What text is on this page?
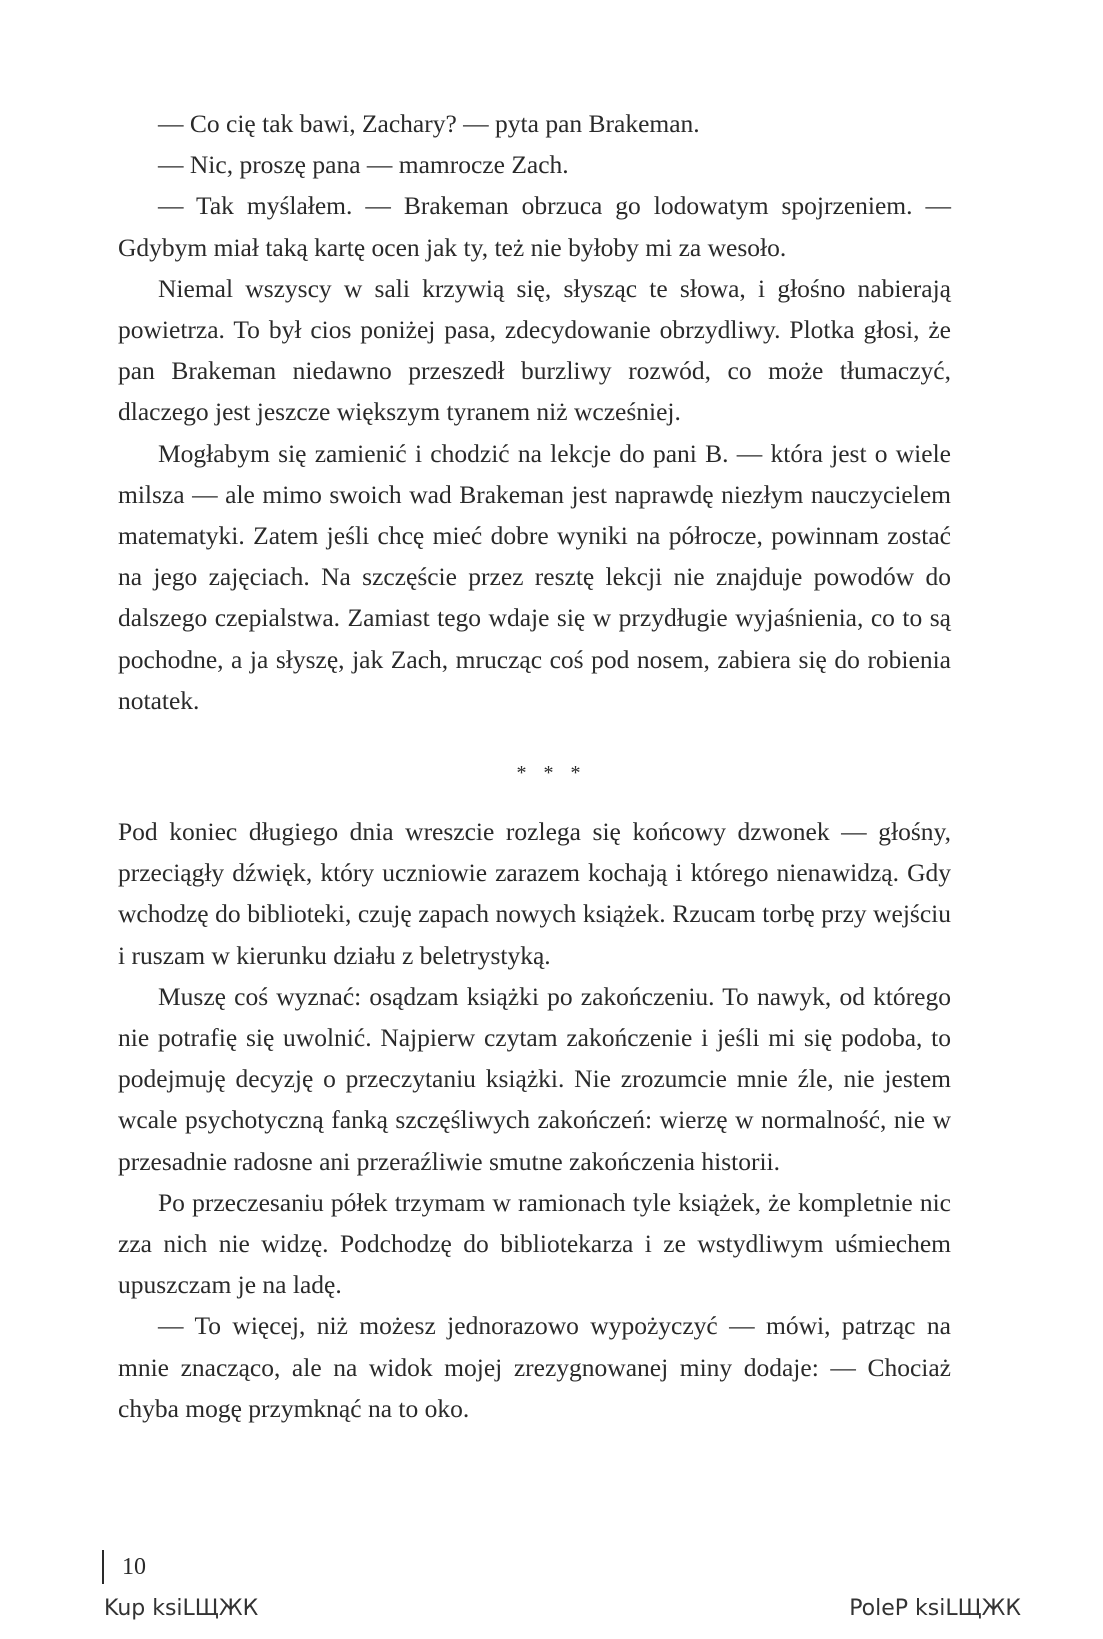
— Co cię tak bawi, Zachary? — pyta pan Brakeman.

— Nic, proszę pana — mamrocze Zach.

— Tak myślałem. — Brakeman obrzuca go lodowatym spojrzeniem. — Gdybym miał taką kartę ocen jak ty, też nie byłoby mi za wesoło.

Niemal wszyscy w sali krzywią się, słysząc te słowa, i głośno nabierają powietrza. To był cios poniżej pasa, zdecydowanie obrzydliwy. Plotka głosi, że pan Brakeman niedawno przeszedł burzliwy rozwód, co może tłumaczyć, dlaczego jest jeszcze większym tyranem niż wcześniej.

Mogłabym się zamienić i chodzić na lekcje do pani B. — która jest o wiele milsza — ale mimo swoich wad Brakeman jest naprawdę niezłym nauczycielem matematyki. Zatem jeśli chcę mieć dobre wyniki na półrocze, powinnam zostać na jego zajęciach. Na szczęście przez resztę lekcji nie znajduje powodów do dalszego czepialstwa. Zamiast tego wdaje się w przydługie wyjaśnienia, co to są pochodne, a ja słyszę, jak Zach, mrucząc coś pod nosem, zabiera się do robienia notatek.

* * *

Pod koniec długiego dnia wreszcie rozlega się końcowy dzwonek — głośny, przeciągły dźwięk, który uczniowie zarazem kochają i którego nienawidzą. Gdy wchodzę do biblioteki, czuję zapach nowych książek. Rzucam torbę przy wejściu i ruszam w kierunku działu z beletrystyką.

Muszę coś wyznać: osądzam książki po zakończeniu. To nawyk, od którego nie potrafię się uwolnić. Najpierw czytam zakończenie i jeśli mi się podoba, to podejmuję decyzję o przeczytaniu książki. Nie zrozumcie mnie źle, nie jestem wcale psychotyczną fanką szczęśliwych zakończeń: wierzę w normalność, nie w przesadnie radosne ani przeraźliwie smutne zakończenia historii.

Po przeczesaniu półek trzymam w ramionach tyle książek, że kompletnie nic zza nich nie widzę. Podchodzę do bibliotekarza i ze wstydliwym uśmiechem upuszczam je na ladę.

— To więcej, niż możesz jednorazowo wypożyczyć — mówi, patrząc na mnie znacząco, ale na widok mojej zrezygnowanej miny dodaje: — Chociaż chyba mogę przymknąć na to oko.

10
Kup ksiLЩЖК	PoleP ksiLЩЖК
